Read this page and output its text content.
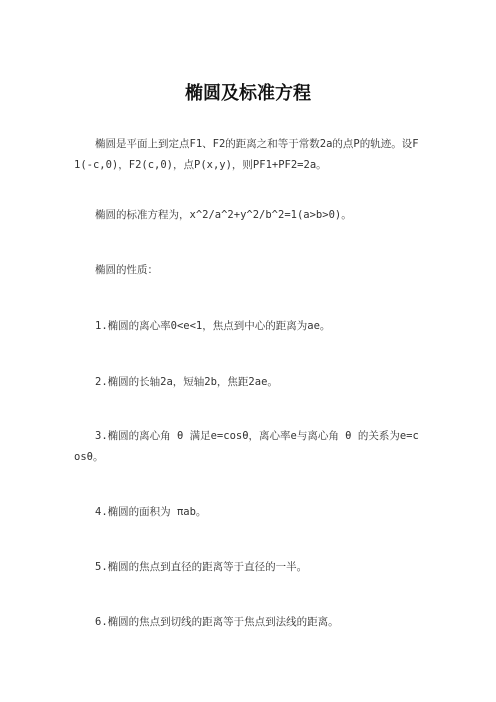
椭圆及标准方程
椭圆是平面上到定点F1、F2的距离之和等于常数2a的点P的轨迹。设F1(-c,0)，F2(c,0)，点P(x,y)，则PF1+PF2=2a。
椭圆的标准方程为，x^2/a^2+y^2/b^2=1(a>b>0)。
椭圆的性质：
1.椭圆的离心率0<e<1，焦点到中心的距离为ae。
2.椭圆的长轴2a，短轴2b，焦距2ae。
3.椭圆的离心角 θ 满足e=cosθ，离心率e与离心角 θ 的关系为e=cosθ。
4.椭圆的面积为 πab。
5.椭圆的焦点到直径的距离等于直径的一半。
6.椭圆的焦点到切线的距离等于焦点到法线的距离。
